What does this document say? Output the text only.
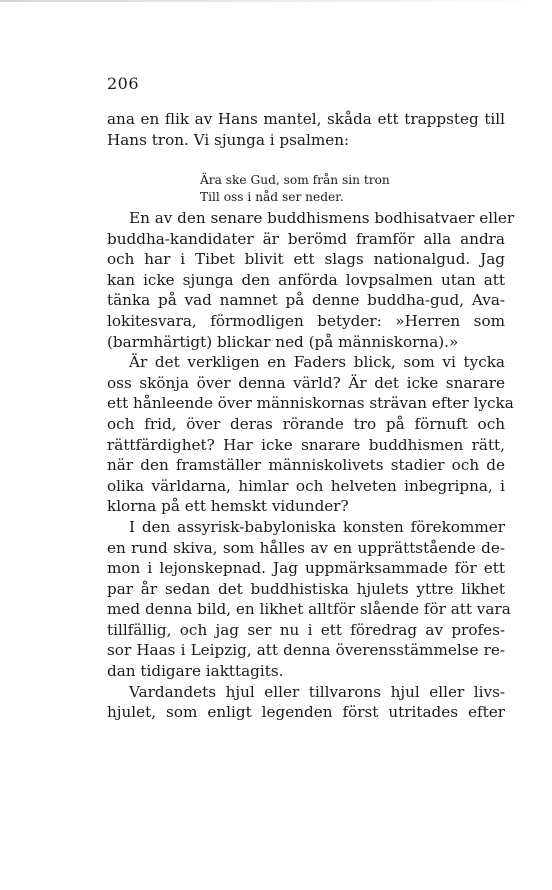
206
ana en flik av Hans mantel, skåda ett trappsteg till
Hans tron. Vi sjunga i psalmen:
Ära ske Gud, som från sin tron
Till oss i nåd ser neder.
En av den senare buddhismens bodhisatvaer eller
buddha-kandidater är berömd framför alla andra
och har i Tibet blivit ett slags nationalgud. Jag
kan icke sjunga den anförda lovpsalmen utan att
tänka på vad namnet på denne buddha-gud, Ava-
lokitesvara, förmodligen betyder: »Herren som
(barmhärtigt) blickar ned (på människorna).»
Är det verkligen en Faders blick, som vi tycka
oss skönja över denna värld? Är det icke snarare
ett hånleende över människornas strävan efter lycka
och frid, över deras rörande tro på förnuft och
rättfärdighet? Har icke snarare buddhismen rätt,
när den framställer människolivets stadier och de
olika världarna, himlar och helveten inbegripna, i
klorna på ett hemskt vidunder?
I den assyrisk-babyloniska konsten förekommer
en rund skiva, som hålles av en upprättstående de-
mon i lejonskepnad. Jag uppmärksammade för ett
par år sedan det buddhistiska hjulets yttre likhet
med denna bild, en likhet alltför slående för att vara
tillfällig, och jag ser nu i ett föredrag av profes-
sor Haas i Leipzig, att denna överensstämmelse re-
dan tidigare iakttagits.
Vardandets hjul eller tillvarons hjul eller livs-
hjulet, som enligt legenden först utritades efter
